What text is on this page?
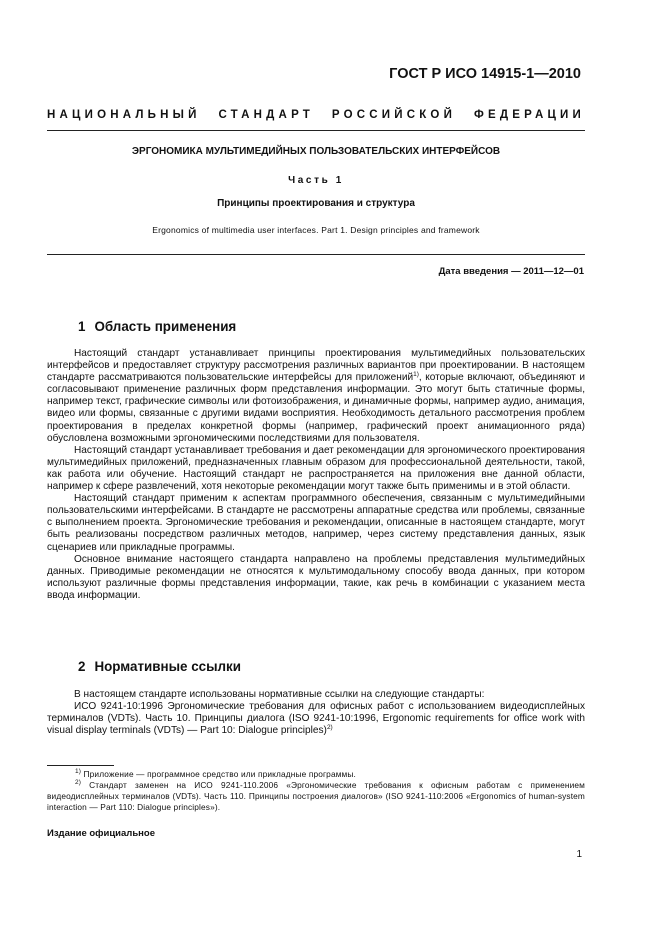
ГОСТ Р ИСО 14915-1—2010
НАЦИОНАЛЬНЫЙ СТАНДАРТ РОССИЙСКОЙ ФЕДЕРАЦИИ
ЭРГОНОМИКА МУЛЬТИМЕДИЙНЫХ ПОЛЬЗОВАТЕЛЬСКИХ ИНТЕРФЕЙСОВ
Часть 1
Принципы проектирования и структура
Ergonomics of multimedia user interfaces. Part 1. Design principles and framework
Дата введения — 2011—12—01
1 Область применения

Настоящий стандарт устанавливает принципы проектирования мультимедийных пользовательских интерфейсов и предоставляет структуру рассмотрения различных вариантов при проектировании. В настоящем стандарте рассматриваются пользовательские интерфейсы для приложений$^{1)}$, которые включают, объединяют и согласовывают применение различных форм представления информации. Это могут быть статичные формы, например текст, графические символы или фотоизображения, и динамичные формы, например аудио, анимация, видео или формы, связанные с другими видами восприятия. Необходимость детального рассмотрения проблем проектирования в пределах конкретной формы (например, графический проект анимационного ряда) обусловлена возможными эргономическими последствиями для пользователя.

Настоящий стандарт устанавливает требования и дает рекомендации для эргономического проектирования мультимедийных приложений, предназначенных главным образом для профессиональной деятельности, такой, как работа или обучение. Настоящий стандарт не распространяется на приложения вне данной области, например к сфере развлечений, хотя некоторые рекомендации могут также быть применимы и в этой области.

Настоящий стандарт применим к аспектам программного обеспечения, связанным с мультимедийными пользовательскими интерфейсами. В стандарте не рассмотрены аппаратные средства или проблемы, связанные с выполнением проекта. Эргономические требования и рекомендации, описанные в настоящем стандарте, могут быть реализованы посредством различных методов, например, через систему представления данных, язык сценариев или прикладные программы.

Основное внимание настоящего стандарта направлено на проблемы представления мультимедийных данных. Приводимые рекомендации не относятся к мультимодальному способу ввода данных, при котором используют различные формы представления информации, такие, как речь в комбинации с указанием места ввода информации.

2 Нормативные ссылки

В настоящем стандарте использованы нормативные ссылки на следующие стандарты:

ИСО 9241-10:1996 Эргономические требования для офисных работ с использованием видеодисплейных терминалов (VDTs). Часть 10. Принципы диалога (ISO 9241-10:1996, Ergonomic requirements for office work with visual display terminals (VDTs) — Part 10: Dialogue principles)$^{2)}$

$^{1)}$ Приложение — программное средство или прикладные программы.

$^{2)}$ Стандарт заменен на ИСО 9241-110.2006 «Эргономические требования к офисным работам с применением видеодисплейных терминалов (VDTs). Часть 110. Принципы построения диалогов» (ISO 9241-110:2006 «Ergonomics of human-system interaction — Part 110: Dialogue principles»).

Издание официальное
1
